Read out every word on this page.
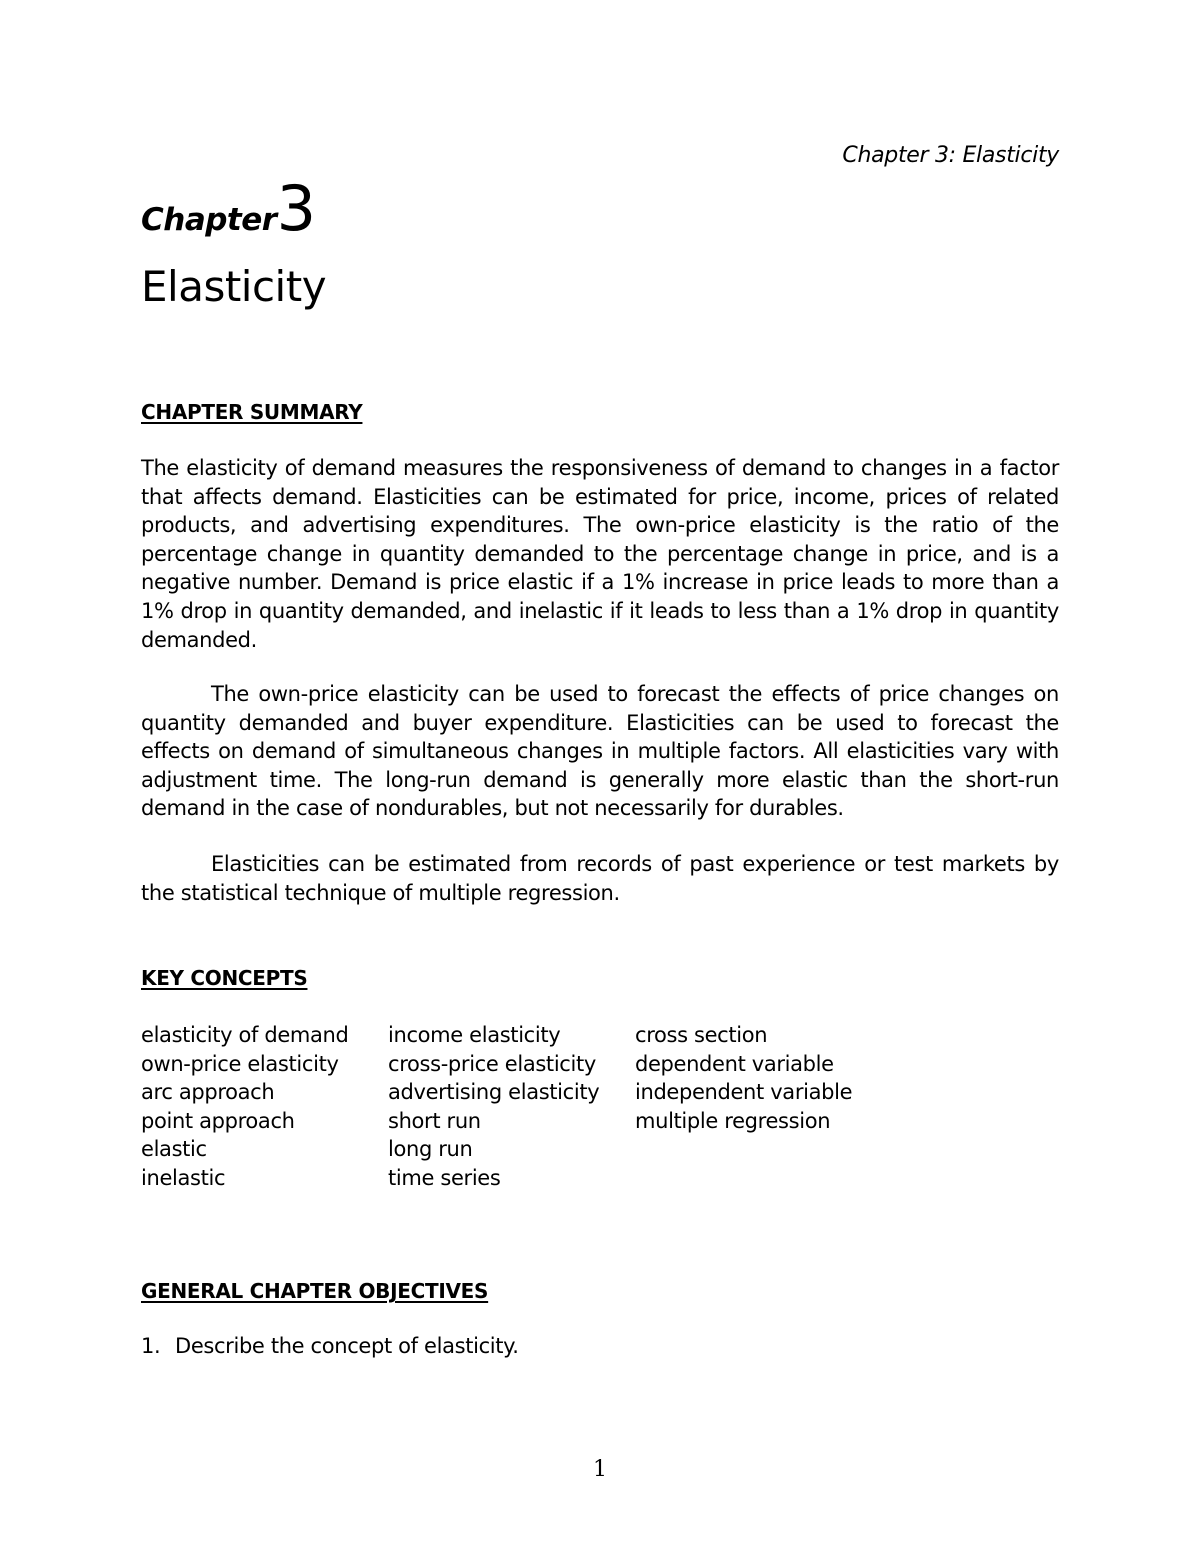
Chapter 3: Elasticity
Chapter3
Elasticity
CHAPTER SUMMARY

The elasticity of demand measures the responsiveness of demand to changes in a factor that affects demand. Elasticities can be estimated for price, income, prices of related products, and advertising expenditures. The own-price elasticity is the ratio of the percentage change in quantity demanded to the percentage change in price, and is a negative number. Demand is price elastic if a 1% increase in price leads to more than a 1% drop in quantity demanded, and inelastic if it leads to less than a 1% drop in quantity demanded.

The own-price elasticity can be used to forecast the effects of price changes on quantity demanded and buyer expenditure. Elasticities can be used to forecast the effects on demand of simultaneous changes in multiple factors. All elasticities vary with adjustment time. The long-run demand is generally more elastic than the short-run demand in the case of nondurables, but not necessarily for durables.

Elasticities can be estimated from records of past experience or test markets by the statistical technique of multiple regression.

KEY CONCEPTS
elasticity of demand
own-price elasticity
arc approach
point approach
elastic
inelastic
income elasticity
cross-price elasticity
advertising elasticity
short run
long run
time series
cross section
dependent variable
independent variable
multiple regression
GENERAL CHAPTER OBJECTIVES
1. Describe the concept of elasticity.
1
